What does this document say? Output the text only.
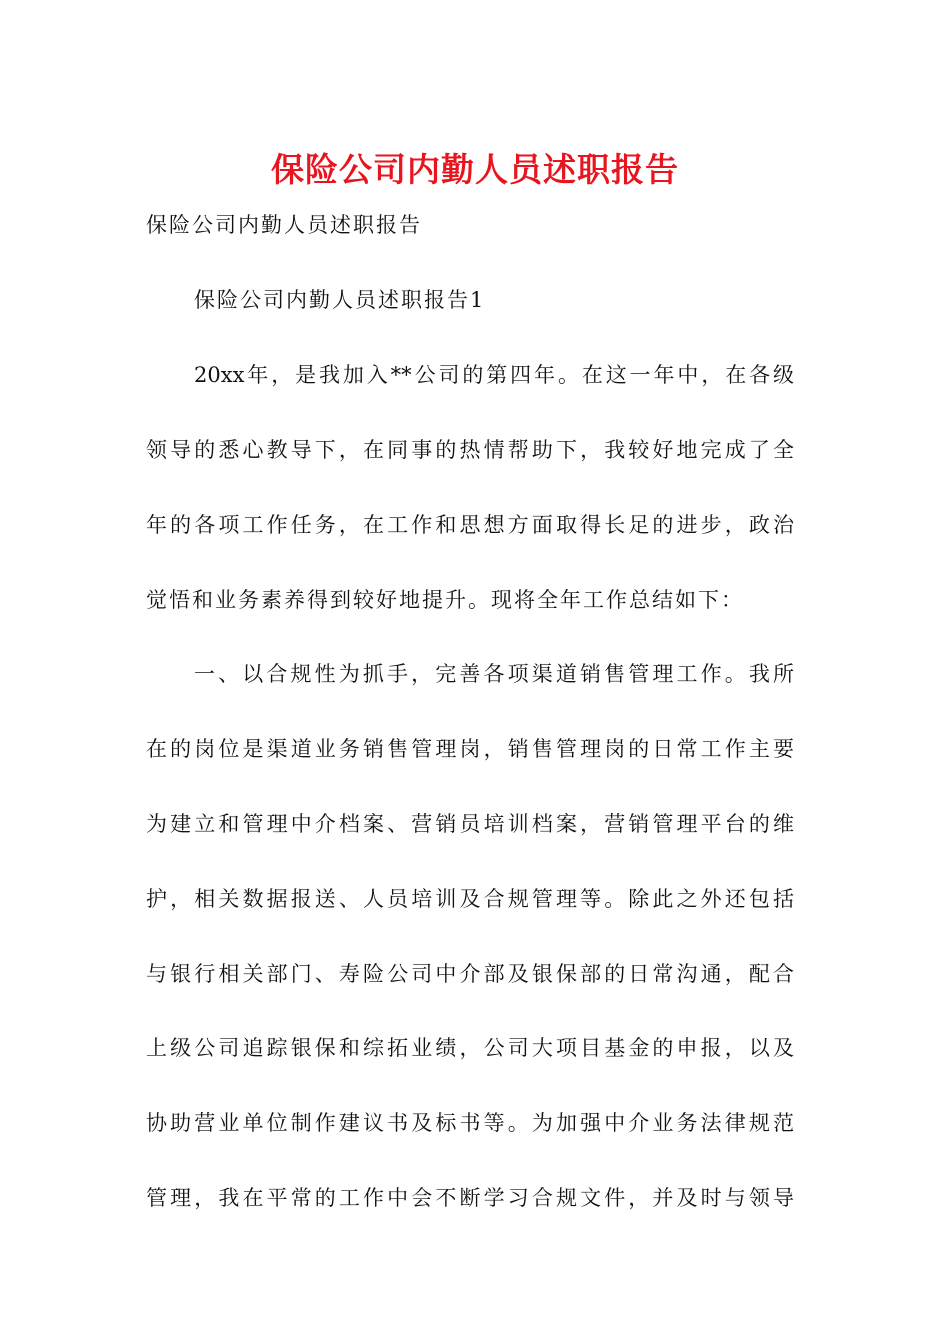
保险公司内勤人员述职报告
保险公司内勤人员述职报告
保险公司内勤人员述职报告1
20xx年，是我加入**公司的第四年。在这一年中，在各级
领导的悉心教导下，在同事的热情帮助下，我较好地完成了全
年的各项工作任务，在工作和思想方面取得长足的进步，政治
觉悟和业务素养得到较好地提升。现将全年工作总结如下：
一、以合规性为抓手，完善各项渠道销售管理工作。我所
在的岗位是渠道业务销售管理岗，销售管理岗的日常工作主要
为建立和管理中介档案、营销员培训档案，营销管理平台的维
护，相关数据报送、人员培训及合规管理等。除此之外还包括
与银行相关部门、寿险公司中介部及银保部的日常沟通，配合
上级公司追踪银保和综拓业绩，公司大项目基金的申报，以及
协助营业单位制作建议书及标书等。为加强中介业务法律规范
管理，我在平常的工作中会不断学习合规文件，并及时与领导
